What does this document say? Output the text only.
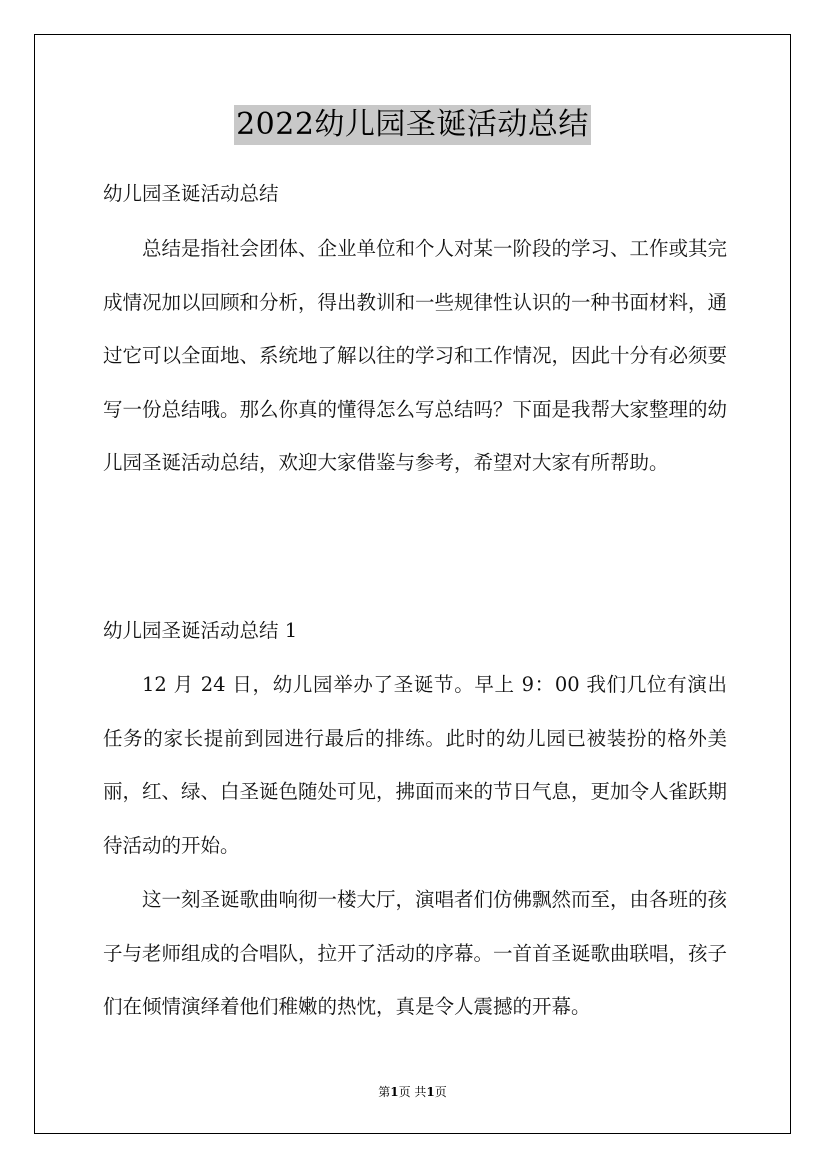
2022幼儿园圣诞活动总结
幼儿园圣诞活动总结

总结是指社会团体、企业单位和个人对某一阶段的学习、工作或其完成情况加以回顾和分析，得出教训和一些规律性认识的一种书面材料，通过它可以全面地、系统地了解以往的学习和工作情况，因此十分有必须要写一份总结哦。那么你真的懂得怎么写总结吗？下面是我帮大家整理的幼儿园圣诞活动总结，欢迎大家借鉴与参考，希望对大家有所帮助。

幼儿园圣诞活动总结 1

12 月 24 日，幼儿园举办了圣诞节。早上 9：00 我们几位有演出任务的家长提前到园进行最后的排练。此时的幼儿园已被装扮的格外美丽，红、绿、白圣诞色随处可见，拂面而来的节日气息，更加令人雀跃期待活动的开始。

这一刻圣诞歌曲响彻一楼大厅，演唱者们仿佛飘然而至，由各班的孩子与老师组成的合唱队，拉开了活动的序幕。一首首圣诞歌曲联唱，孩子们在倾情演绎着他们稚嫩的热忱，真是令人震撼的开幕。

第1页 共1页
